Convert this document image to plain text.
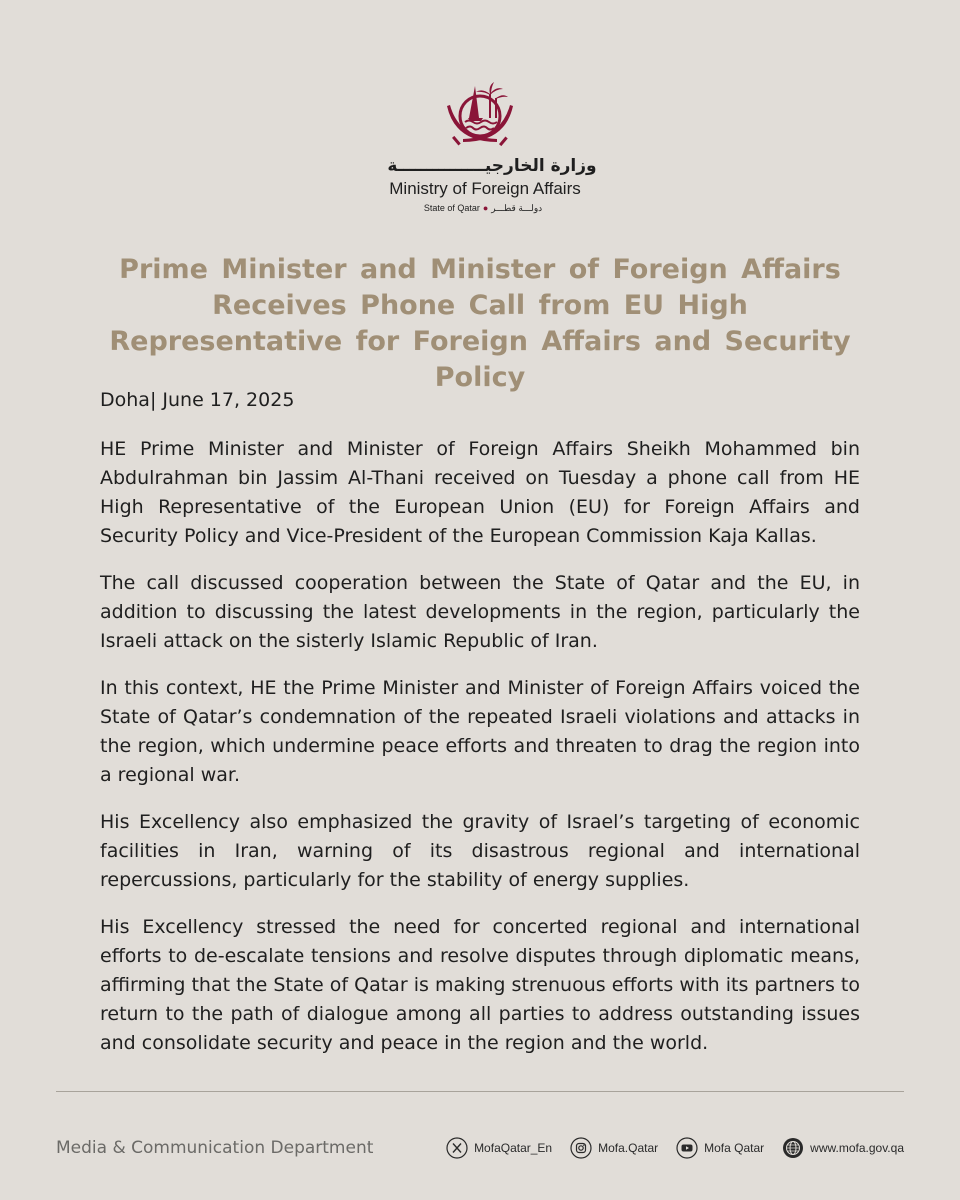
وزارة الخارجيـــــــــــــــة
Ministry of Foreign Affairs
State of Qatar ● دولـــة قطـــر
Prime Minister and Minister of Foreign Affairs Receives Phone Call from EU High Representative for Foreign Affairs and Security Policy
Doha| June 17, 2025

HE Prime Minister and Minister of Foreign Affairs Sheikh Mohammed bin Abdulrahman bin Jassim Al-Thani received on Tuesday a phone call from HE High Representative of the European Union (EU) for Foreign Affairs and Security Policy and Vice-President of the European Commission Kaja Kallas.

The call discussed cooperation between the State of Qatar and the EU, in addition to discussing the latest developments in the region, particularly the Israeli attack on the sisterly Islamic Republic of Iran.

In this context, HE the Prime Minister and Minister of Foreign Affairs voiced the State of Qatar’s condemnation of the repeated Israeli violations and attacks in the region, which undermine peace efforts and threaten to drag the region into a regional war.

His Excellency also emphasized the gravity of Israel’s targeting of economic facilities in Iran, warning of its disastrous regional and international repercussions, particularly for the stability of energy supplies.

His Excellency stressed the need for concerted regional and international efforts to de-escalate tensions and resolve disputes through diplomatic means, affirming that the State of Qatar is making strenuous efforts with its partners to return to the path of dialogue among all parties to address outstanding issues and consolidate security and peace in the region and the world.

Media & Communication Department	MofaQatar_En	Mofa.Qatar	Mofa Qatar	www.mofa.gov.qa
